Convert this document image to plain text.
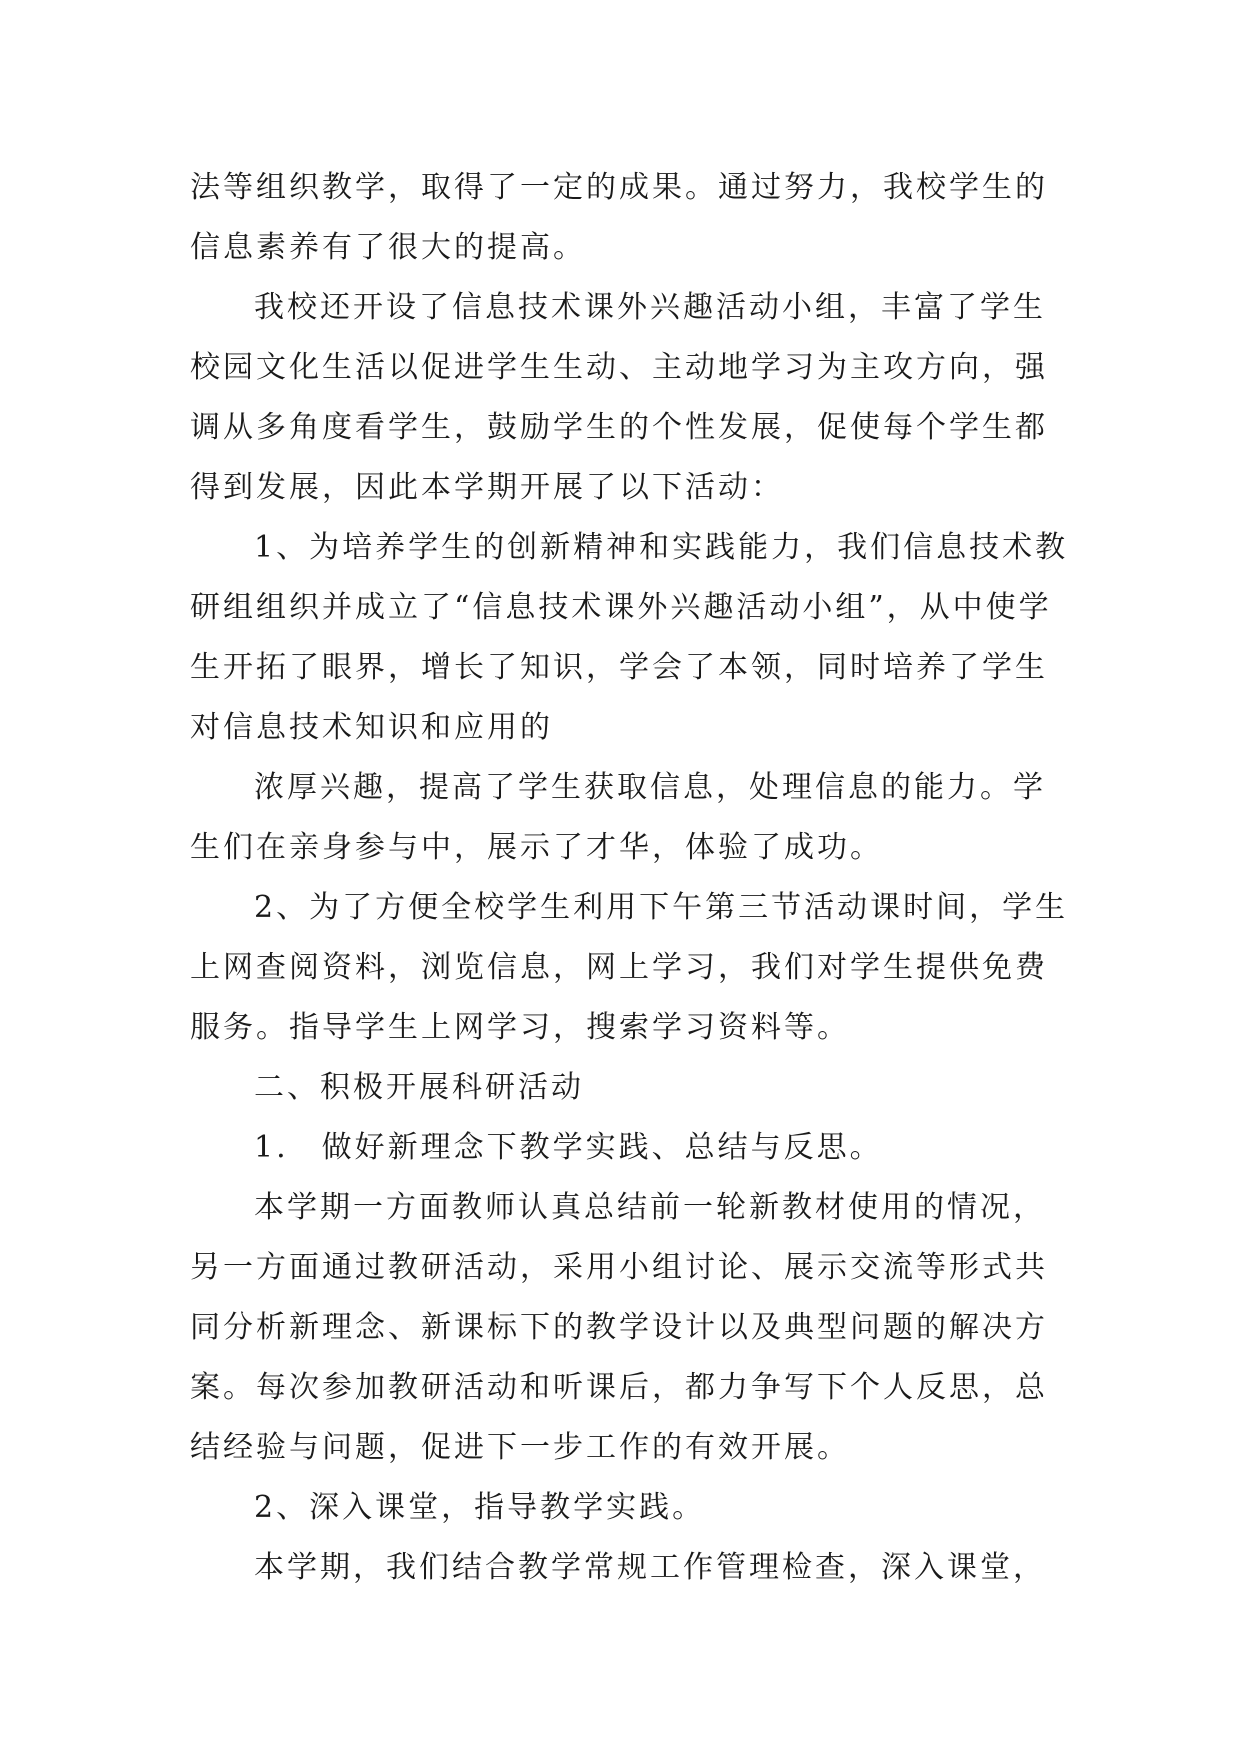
法等组织教学，取得了一定的成果。通过努力，我校学生的信息素养有了很大的提高。

我校还开设了信息技术课外兴趣活动小组，丰富了学生校园文化生活以促进学生生动、主动地学习为主攻方向，强调从多角度看学生，鼓励学生的个性发展，促使每个学生都得到发展，因此本学期开展了以下活动：

1、为培养学生的创新精神和实践能力，我们信息技术教研组组织并成立了“信息技术课外兴趣活动小组”，从中使学生开拓了眼界，增长了知识，学会了本领，同时培养了学生对信息技术知识和应用的

浓厚兴趣，提高了学生获取信息，处理信息的能力。学生们在亲身参与中，展示了才华，体验了成功。

2、为了方便全校学生利用下午第三节活动课时间，学生上网查阅资料，浏览信息，网上学习，我们对学生提供免费服务。指导学生上网学习，搜索学习资料等。

二、积极开展科研活动

1.　做好新理念下教学实践、总结与反思。

本学期一方面教师认真总结前一轮新教材使用的情况，另一方面通过教研活动，采用小组讨论、展示交流等形式共同分析新理念、新课标下的教学设计以及典型问题的解决方案。每次参加教研活动和听课后，都力争写下个人反思，总结经验与问题，促进下一步工作的有效开展。

2、深入课堂，指导教学实践。

本学期，我们结合教学常规工作管理检查，深入课堂，
